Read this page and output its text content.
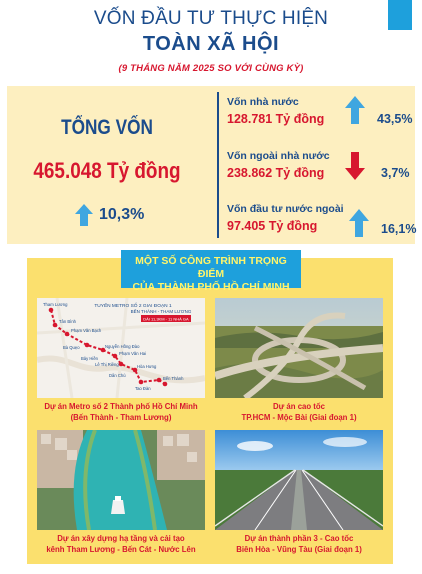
VỐN ĐẦU TƯ THỰC HIỆN
TOÀN XÃ HỘI
(9 THÁNG NĂM 2025 SO VỚI CÙNG KỲ)
TỔNG VỐN
465.048 Tỷ đồng
10,3%
Vốn nhà nước
128.781 Tỷ đồng	43,5%
Vốn ngoài nhà nước
238.862 Tỷ đồng	3,7%
Vốn đầu tư nước ngoài
97.405 Tỷ đồng	16,1%
MỘT SỐ CÔNG TRÌNH TRỌNG ĐIỂM
CỦA THÀNH PHỐ HỒ CHÍ MINH
TUYẾN METRO SỐ 2 GIAI ĐOẠN 1
BẾN THÀNH - THAM LƯƠNG
DÀI 11,3KM - 11 NHÀ GA
Tham Lương
Tân Bình
Phạm Văn Bạch
Nguyễn Hồng Đào
Bà Quẹo
Bảy Hiền
Phạm Văn Hai
Lê Thị Riêng	Hòa Hưng
Dân Chủ
Bến Thành
Tao Đàn
Dự án Metro số 2 Thành phố Hồ Chí Minh
(Bến Thành - Tham Lương)
Dự án cao tốc
TP.HCM - Mộc Bài (Giai đoạn 1)
Dự án xây dựng hạ tầng và cải tạo
kênh Tham Lương - Bến Cát - Nước Lên
Dự án thành phần 3 - Cao tốc
Biên Hòa - Vũng Tàu (Giai đoạn 1)
